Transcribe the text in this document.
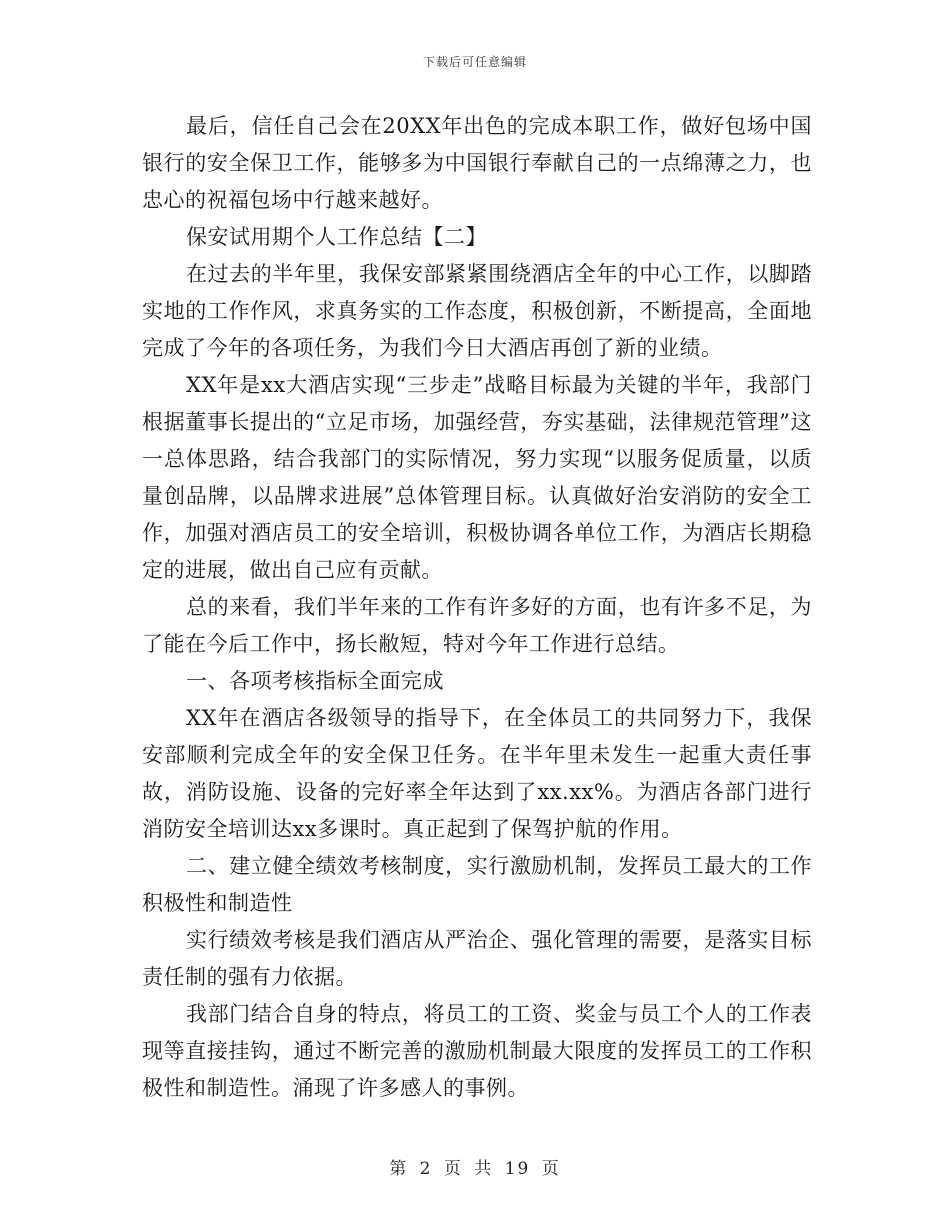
下载后可任意编辑

最后，信任自己会在20XX年出色的完成本职工作，做好包场中国银行的安全保卫工作，能够多为中国银行奉献自己的一点绵薄之力，也忠心的祝福包场中行越来越好。

保安试用期个人工作总结【二】

在过去的半年里，我保安部紧紧围绕酒店全年的中心工作，以脚踏实地的工作作风，求真务实的工作态度，积极创新，不断提高，全面地完成了今年的各项任务，为我们今日大酒店再创了新的业绩。

XX年是xx大酒店实现“三步走”战略目标最为关键的半年，我部门根据董事长提出的“立足市场，加强经营，夯实基础，法律规范管理”这一总体思路，结合我部门的实际情况，努力实现“以服务促质量，以质量创品牌，以品牌求进展”总体管理目标。认真做好治安消防的安全工作，加强对酒店员工的安全培训，积极协调各单位工作，为酒店长期稳定的进展，做出自己应有贡献。

总的来看，我们半年来的工作有许多好的方面，也有许多不足，为了能在今后工作中，扬长敝短，特对今年工作进行总结。

一、各项考核指标全面完成

XX年在酒店各级领导的指导下，在全体员工的共同努力下，我保安部顺利完成全年的安全保卫任务。在半年里未发生一起重大责任事故，消防设施、设备的完好率全年达到了xx.xx%。为酒店各部门进行消防安全培训达xx多课时。真正起到了保驾护航的作用。

二、建立健全绩效考核制度，实行激励机制，发挥员工最大的工作积极性和制造性

实行绩效考核是我们酒店从严治企、强化管理的需要，是落实目标责任制的强有力依据。

我部门结合自身的特点，将员工的工资、奖金与员工个人的工作表现等直接挂钩，通过不断完善的激励机制最大限度的发挥员工的工作积极性和制造性。涌现了许多感人的事例。

第 2 页 共 19 页
